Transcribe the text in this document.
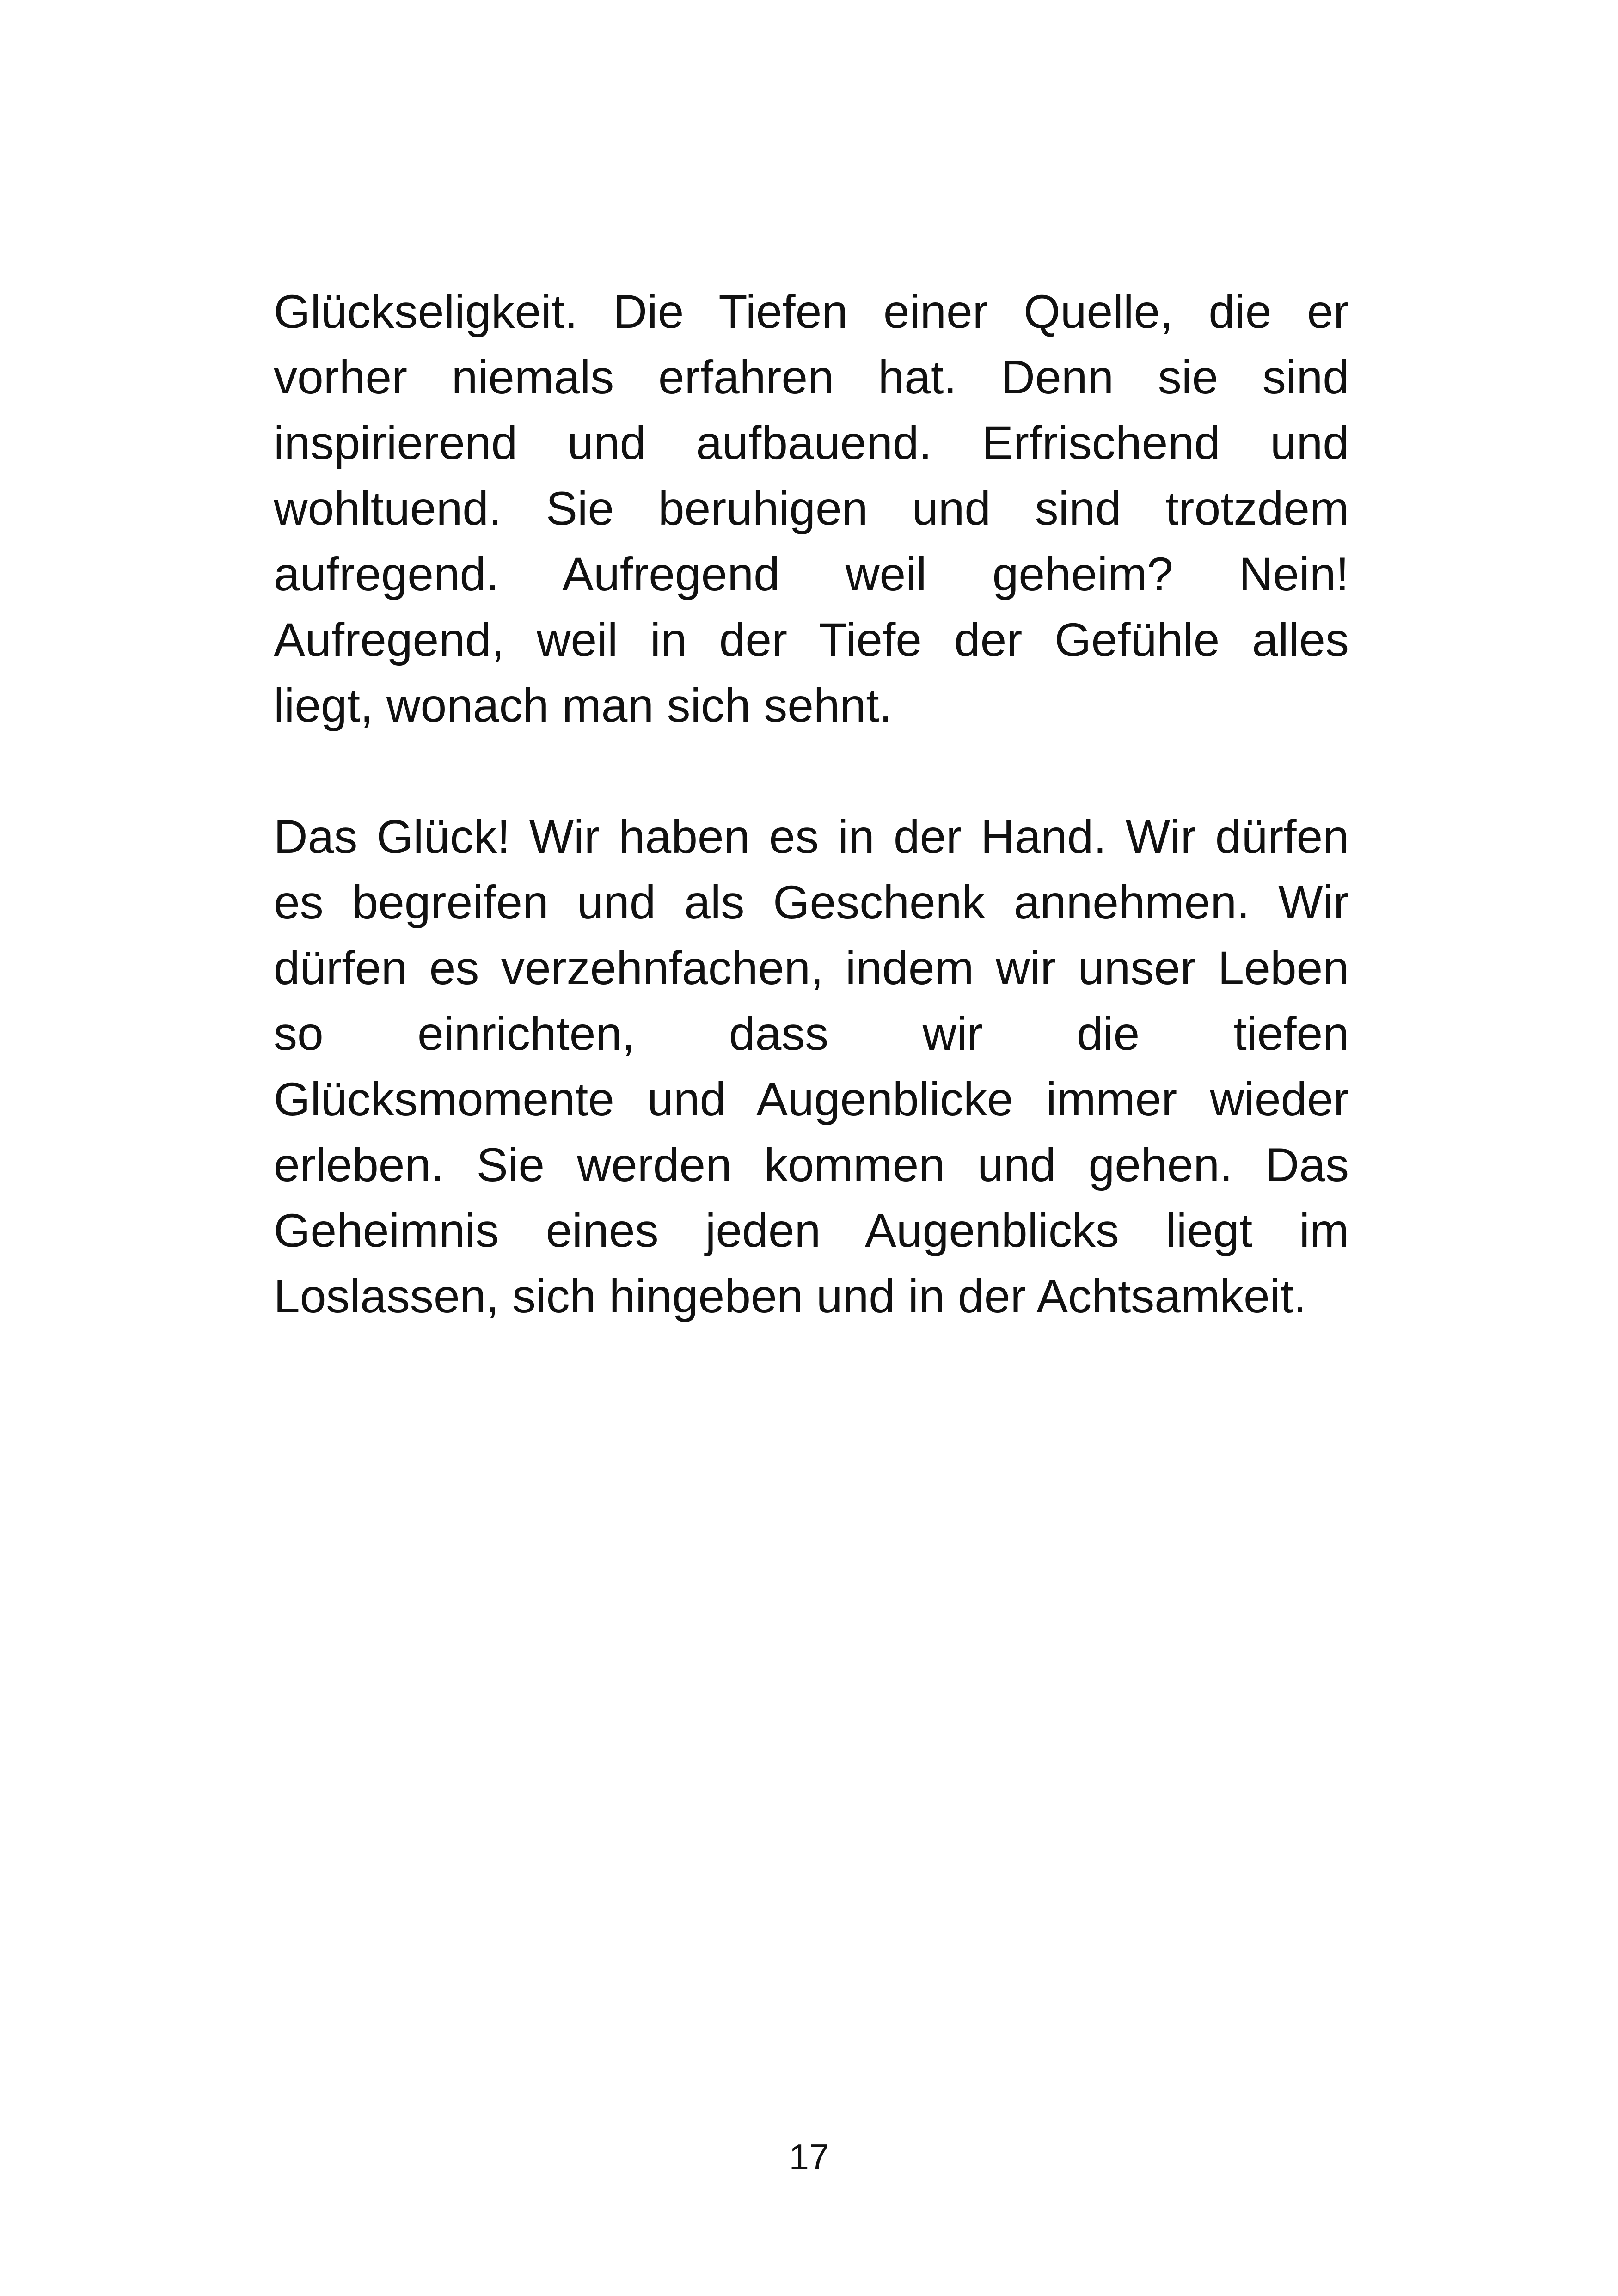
Glückseligkeit. Die Tiefen einer Quelle, die er
vorher niemals erfahren hat. Denn sie sind
inspirierend und aufbauend. Erfrischend und
wohltuend. Sie beruhigen und sind trotzdem
aufregend. Aufregend weil geheim? Nein!
Aufregend, weil in der Tiefe der Gefühle alles
liegt, wonach man sich sehnt.
Das Glück! Wir haben es in der Hand. Wir dürfen
es begreifen und als Geschenk annehmen. Wir
dürfen es verzehnfachen, indem wir unser Leben
so einrichten, dass wir die tiefen
Glücksmomente und Augenblicke immer wieder
erleben. Sie werden kommen und gehen. Das
Geheimnis eines jeden Augenblicks liegt im
Loslassen, sich hingeben und in der Achtsamkeit.
17
